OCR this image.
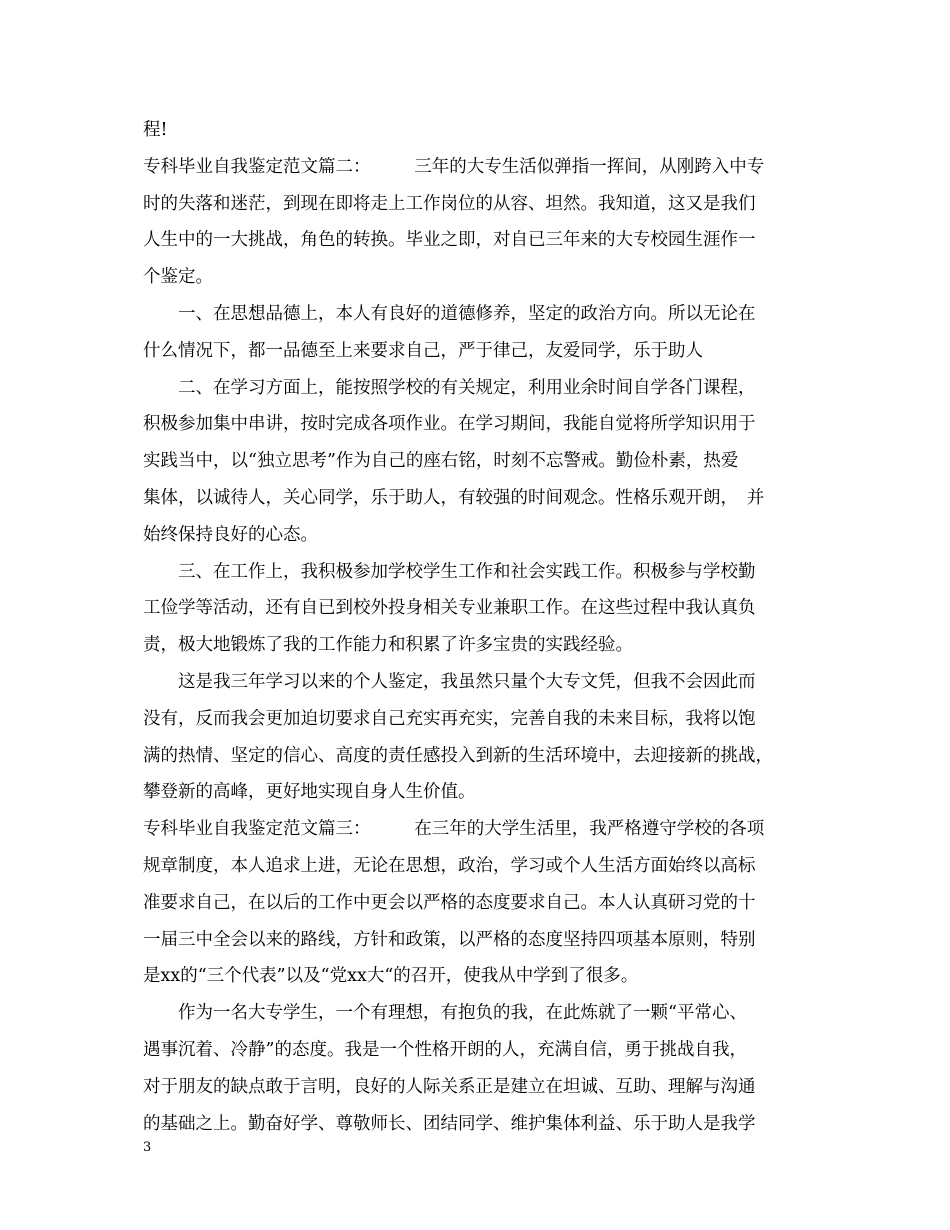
程!
专科毕业自我鉴定范文篇二：　　　三年的大专生活似弹指一挥间，从刚跨入中专
时的失落和迷茫，到现在即将走上工作岗位的从容、坦然。我知道，这又是我们
人生中的一大挑战，角色的转换。毕业之即，对自已三年来的大专校园生涯作一
个鉴定。
　　一、在思想品德上，本人有良好的道德修养，坚定的政治方向。所以无论在
什么情况下，都一品德至上来要求自己，严于律己，友爱同学，乐于助人
　　二、在学习方面上，能按照学校的有关规定，利用业余时间自学各门课程，
积极参加集中串讲，按时完成各项作业。在学习期间，我能自觉将所学知识用于
实践当中，以“独立思考”作为自己的座右铭，时刻不忘警戒。勤俭朴素，热爱
集体，以诚待人，关心同学，乐于助人，有较强的时间观念。性格乐观开朗，　并
始终保持良好的心态。
　　三、在工作上，我积极参加学校学生工作和社会实践工作。积极参与学校勤
工俭学等活动，还有自已到校外投身相关专业兼职工作。在这些过程中我认真负
责，极大地锻炼了我的工作能力和积累了许多宝贵的实践经验。
　　这是我三年学习以来的个人鉴定，我虽然只量个大专文凭，但我不会因此而
没有，反而我会更加迫切要求自己充实再充实，完善自我的未来目标，我将以饱
满的热情、坚定的信心、高度的责任感投入到新的生活环境中，去迎接新的挑战，
攀登新的高峰，更好地实现自身人生价值。
专科毕业自我鉴定范文篇三：　　　在三年的大学生活里，我严格遵守学校的各项
规章制度，本人追求上进，无论在思想，政治，学习或个人生活方面始终以高标
准要求自己，在以后的工作中更会以严格的态度要求自己。本人认真研习党的十
一届三中全会以来的路线，方针和政策，以严格的态度坚持四项基本原则，特别
是xx的“三个代表”以及“党xx大“的召开，使我从中学到了很多。
　　作为一名大专学生，一个有理想，有抱负的我，在此炼就了一颗“平常心、
遇事沉着、冷静”的态度。我是一个性格开朗的人，充满自信，勇于挑战自我，
对于朋友的缺点敢于言明，良好的人际关系正是建立在坦诚、互助、理解与沟通
的基础之上。勤奋好学、尊敬师长、团结同学、维护集体利益、乐于助人是我学
3
